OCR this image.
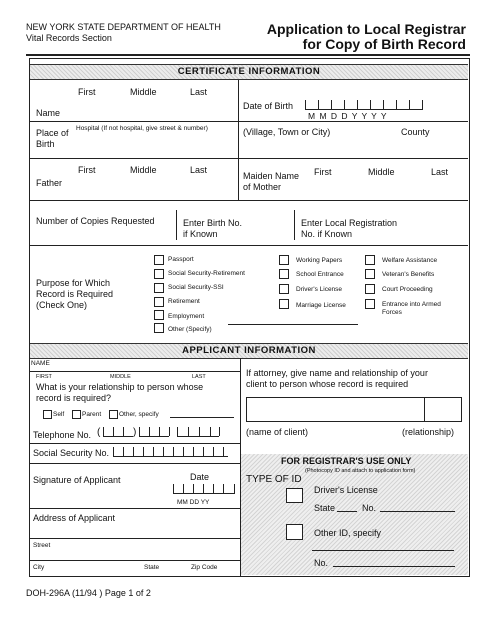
NEW YORK STATE DEPARTMENT OF HEALTH
Vital Records Section
Application to Local Registrar
for Copy of Birth Record
CERTIFICATE INFORMATION
First	Middle	Last
Name
Date of Birth
M M D D Y Y Y Y
Place of
Birth
Hospital (If not hospital, give street & number)	(Village, Town or City)	County
First	Middle	Last
Father
Maiden Name
of Mother
First	Middle	Last
Number of Copies Requested	Enter Birth No.
if Known
Enter Local Registration
No. if Known
Purpose for Which
Record is Required
(Check One)
Passport
Social Security-Retirement
Social Security-SSI
Retirement
Employment
Other (Specify)
Working Papers
School Entrance
Driver's License
Marriage License
Welfare Assistance
Veteran's Benefits
Court Proceeding
Entrance into Armed
Forces
APPLICANT INFORMATION
NAME
FIRST	MIDDLE	LAST
What is your relationship to person whose
record is required?
Self	Parent	Other, specify
If attorney, give name and relationship of your
client to person whose record is required
(name of client)	(relationship)
Telephone No. (	)
Social Security No.
Signature of Applicant	Date
MM DD YY
Address of Applicant
Street
City	State	Zip Code
FOR REGISTRAR'S USE ONLY
(Photocopy ID and attach to application form)
TYPE OF ID
Driver's License
State	No.
Other ID, specify
No.
DOH-296A (11/94 ) Page 1 of 2
